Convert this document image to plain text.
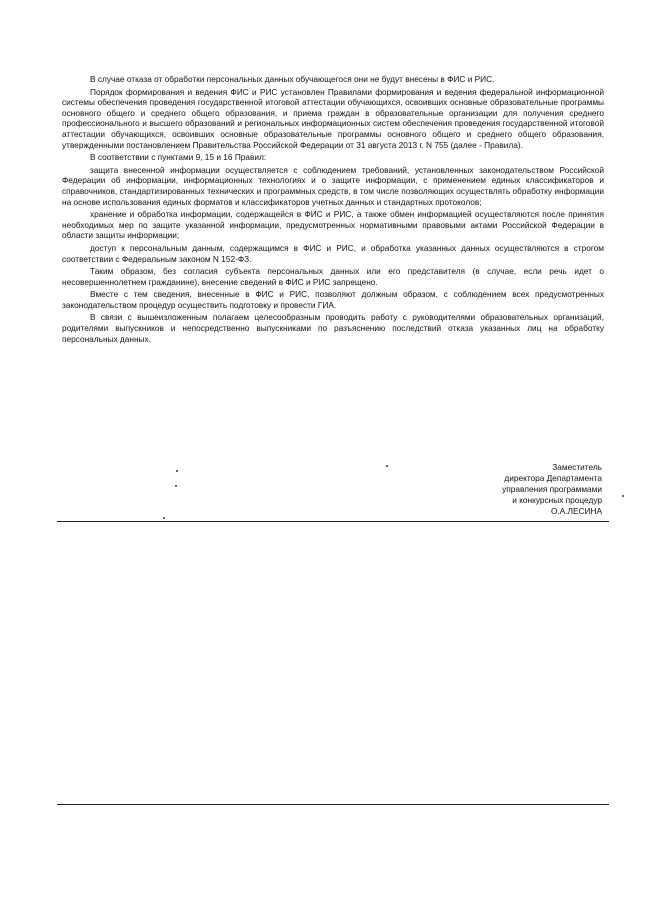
В случае отказа от обработки персональных данных обучающегося они не будут внесены в ФИС и РИС.

Порядок формирования и ведения ФИС и РИС установлен Правилами формирования и ведения федеральной информационной системы обеспечения проведения государственной итоговой аттестации обучающихся, освоивших основные образовательные программы основного общего и среднего общего образования, и приема граждан в образовательные организации для получения среднего профессионального и высшего образований и региональных информационных систем обеспечения проведения государственной итоговой аттестации обучающихся, освоивших основные образовательные программы основного общего и среднего общего образования, утвержденными постановлением Правительства Российской Федерации от 31 августа 2013 г. N 755 (далее - Правила).

В соответствии с пунктами 9, 15 и 16 Правил:

защита внесенной информации осуществляется с соблюдением требований, установленных законодательством Российской Федерации об информации, информационных технологиях и о защите информации, с применением единых классификаторов и справочников, стандартизированных технических и программных средств, в том числе позволяющих осуществлять обработку информации на основе использования единых форматов и классификаторов учетных данных и стандартных протоколов;

хранение и обработка информации, содержащейся в ФИС и РИС, а также обмен информацией осуществляются после принятия необходимых мер по защите указанной информации, предусмотренных нормативными правовыми актами Российской Федерации в области защиты информации;

доступ к персональным данным, содержащимся в ФИС и РИС, и обработка указанных данных осуществляются в строгом соответствии с Федеральным законом N 152-ФЗ.

Таким образом, без согласия субъекта персональных данных или его представителя (в случае, если речь идет о несовершеннолетнем гражданине), внесение сведений в ФИС и РИС запрещено.

Вместе с тем сведения, внесенные в ФИС и РИС, позволяют должным образом, с соблюдением всех предусмотренных законодательством процедур осуществить подготовку и провести ГИА.

В связи с вышеизложенным полагаем целесообразным проводить работу с руководителями образовательных организаций, родителями выпускников и непосредственно выпускниками по разъяснению последствий отказа указанных лиц на обработку персональных данных.

Заместитель
директора Департамента
управления программами
и конкурсных процедур
О.А.ЛЕСИНА
